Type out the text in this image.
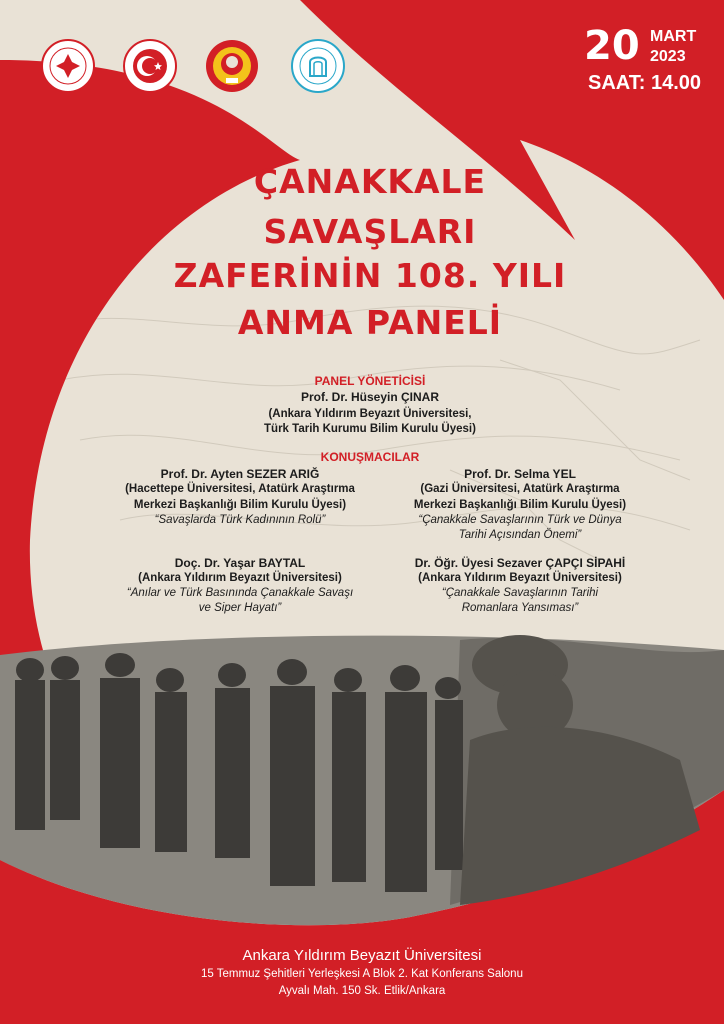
20 MART
2023
SAAT: 14.00
ÇANAKKALE
SAVAŞLARI
ZAFERİNİN 108. YILI
ANMA PANELİ
PANEL YÖNETİCİSİ
Prof. Dr. Hüseyin ÇINAR
(Ankara Yıldırım Beyazıt Üniversitesi,
Türk Tarih Kurumu Bilim Kurulu Üyesi)
KONUŞMACILAR
Prof. Dr. Ayten SEZER ARIĞ
(Hacettepe Üniversitesi, Atatürk Araştırma
Merkezi Başkanlığı Bilim Kurulu Üyesi)
“Savaşlarda Türk Kadınının Rolü”
Prof. Dr. Selma YEL
(Gazi Üniversitesi, Atatürk Araştırma
Merkezi Başkanlığı Bilim Kurulu Üyesi)
“Çanakkale Savaşlarının Türk ve Dünya
Tarihi Açısından Önemi”
Doç. Dr. Yaşar BAYTAL
(Ankara Yıldırım Beyazıt Üniversitesi)
“Anılar ve Türk Basınında Çanakkale Savaşı
ve Siper Hayatı”
Dr. Öğr. Üyesi Sezaver ÇAPÇI SİPAHİ
(Ankara Yıldırım Beyazıt Üniversitesi)
“Çanakkale Savaşlarının Tarihi
Romanlara Yansıması”
Ankara Yıldırım Beyazıt Üniversitesi
15 Temmuz Şehitleri Yerleşkesi A Blok 2. Kat Konferans Salonu
Ayvalı Mah. 150 Sk. Etlik/Ankara
